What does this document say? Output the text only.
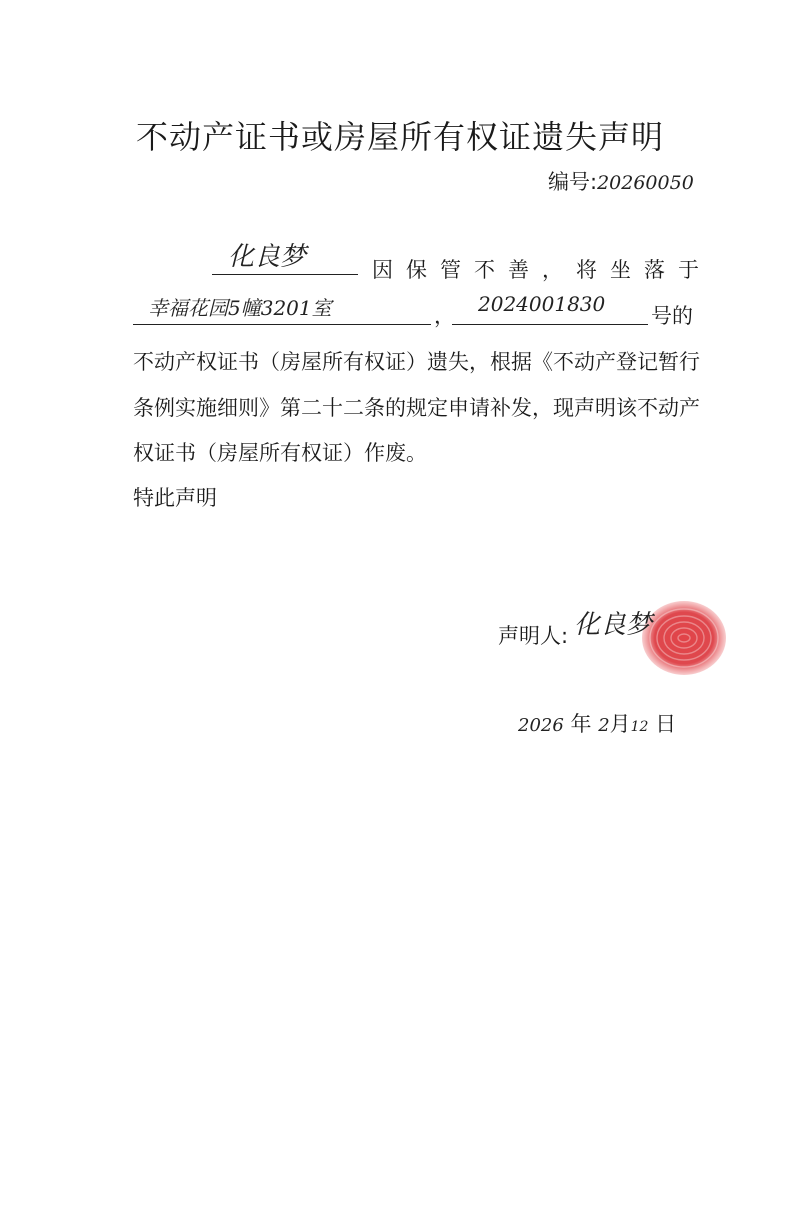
不动产证书或房屋所有权证遗失声明
编号:20260050
化良梦	因保管不善，将坐落于
幸福花园5幢3201室	， 2024001830 号的
不动产权证书（房屋所有权证）遗失，根据《不动产登记暂行
条例实施细则》第二十二条的规定申请补发，现声明该不动产
权证书（房屋所有权证）作废。
特此声明
声明人: 化良梦
2026 年 2月12 日
